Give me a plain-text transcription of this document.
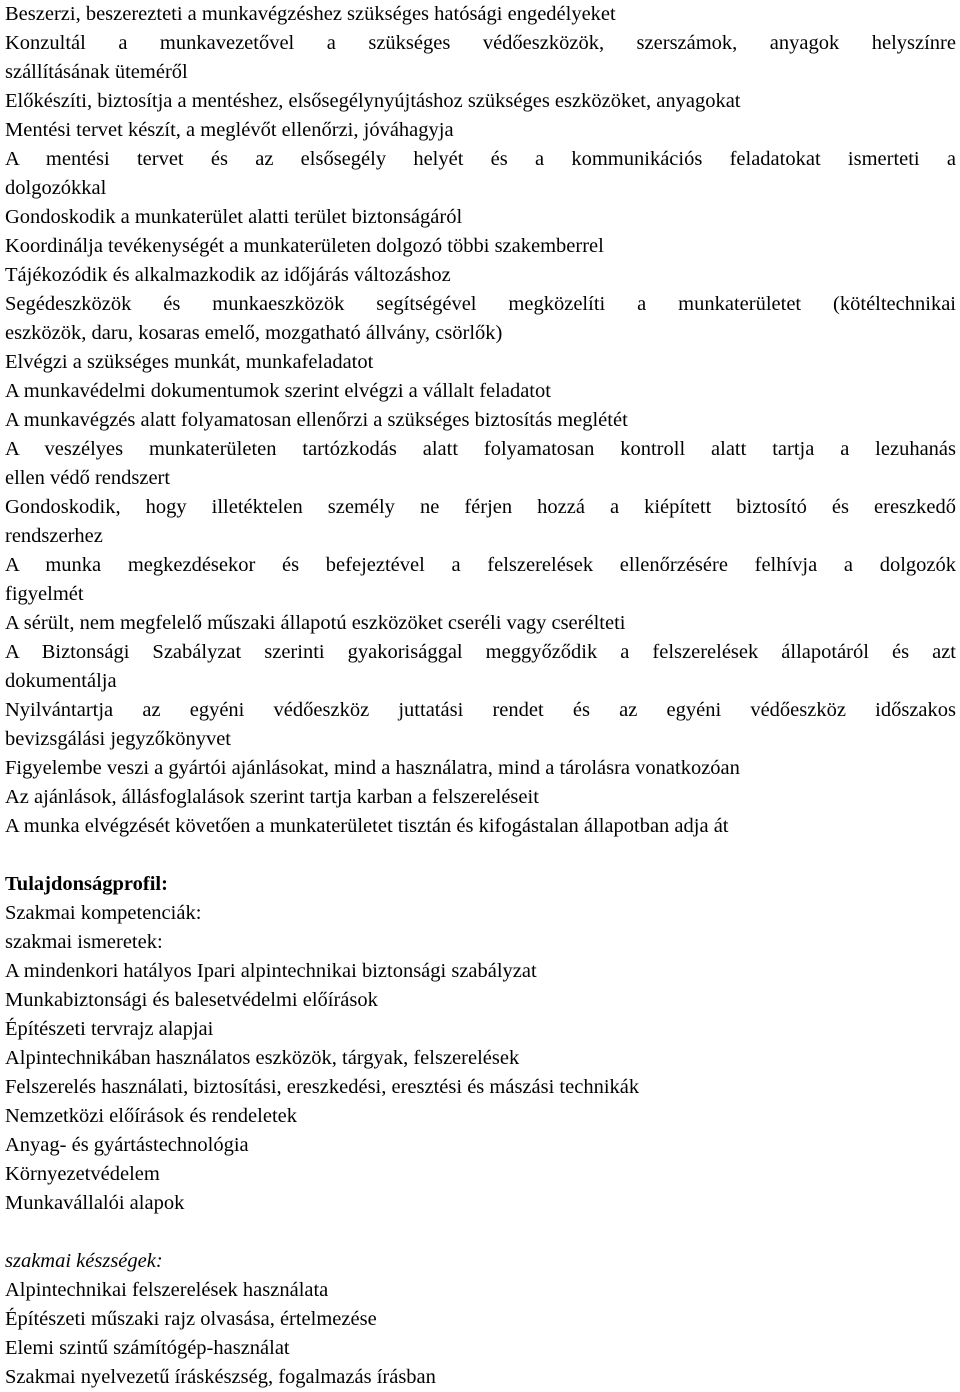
Beszerzi, beszerezteti a munkavégzéshez szükséges hatósági engedélyeket

Konzultál a munkavezetővel a szükséges védőeszközök, szerszámok, anyagok helyszínre

szállításának üteméről

Előkészíti, biztosítja a mentéshez, elsősegélynyújtáshoz szükséges eszközöket, anyagokat

Mentési tervet készít, a meglévőt ellenőrzi, jóváhagyja

A mentési tervet és az elsősegély helyét és a kommunikációs feladatokat ismerteti a

dolgozókkal

Gondoskodik a munkaterület alatti terület biztonságáról

Koordinálja tevékenységét a munkaterületen dolgozó többi szakemberrel

Tájékozódik és alkalmazkodik az időjárás változáshoz

Segédeszközök és munkaeszközök segítségével megközelíti a munkaterületet (kötéltechnikai

eszközök, daru, kosaras emelő, mozgatható állvány, csörlők)

Elvégzi a szükséges munkát, munkafeladatot

A munkavédelmi dokumentumok szerint elvégzi a vállalt feladatot

A munkavégzés alatt folyamatosan ellenőrzi a szükséges biztosítás meglétét

A veszélyes munkaterületen tartózkodás alatt folyamatosan kontroll alatt tartja a lezuhanás

ellen védő rendszert

Gondoskodik, hogy illetéktelen személy ne férjen hozzá a kiépített biztosító és ereszkedő

rendszerhez

A munka megkezdésekor és befejeztével a felszerelések ellenőrzésére felhívja a dolgozók

figyelmét

A sérült, nem megfelelő műszaki állapotú eszközöket cseréli vagy cserélteti

A Biztonsági Szabályzat szerinti gyakorisággal meggyőződik a felszerelések állapotáról és azt

dokumentálja

Nyilvántartja az egyéni védőeszköz juttatási rendet és az egyéni védőeszköz időszakos

bevizsgálási jegyzőkönyvet

Figyelembe veszi a gyártói ajánlásokat, mind a használatra, mind a tárolásra vonatkozóan

Az ajánlások, állásfoglalások szerint tartja karban a felszereléseit

A munka elvégzését követően a munkaterületet tisztán és kifogástalan állapotban adja át

Tulajdonságprofil:

Szakmai kompetenciák:

szakmai ismeretek:

A mindenkori hatályos Ipari alpintechnikai biztonsági szabályzat

Munkabiztonsági és balesetvédelmi előírások

Építészeti tervrajz alapjai

Alpintechnikában használatos eszközök, tárgyak, felszerelések

Felszerelés használati, biztosítási, ereszkedési, eresztési és mászási technikák

Nemzetközi előírások és rendeletek

Anyag- és gyártástechnológia

Környezetvédelem

Munkavállalói alapok

szakmai készségek:

Alpintechnikai felszerelések használata

Építészeti műszaki rajz olvasása, értelmezése

Elemi szintű számítógép-használat

Szakmai nyelvezetű íráskészség, fogalmazás írásban
